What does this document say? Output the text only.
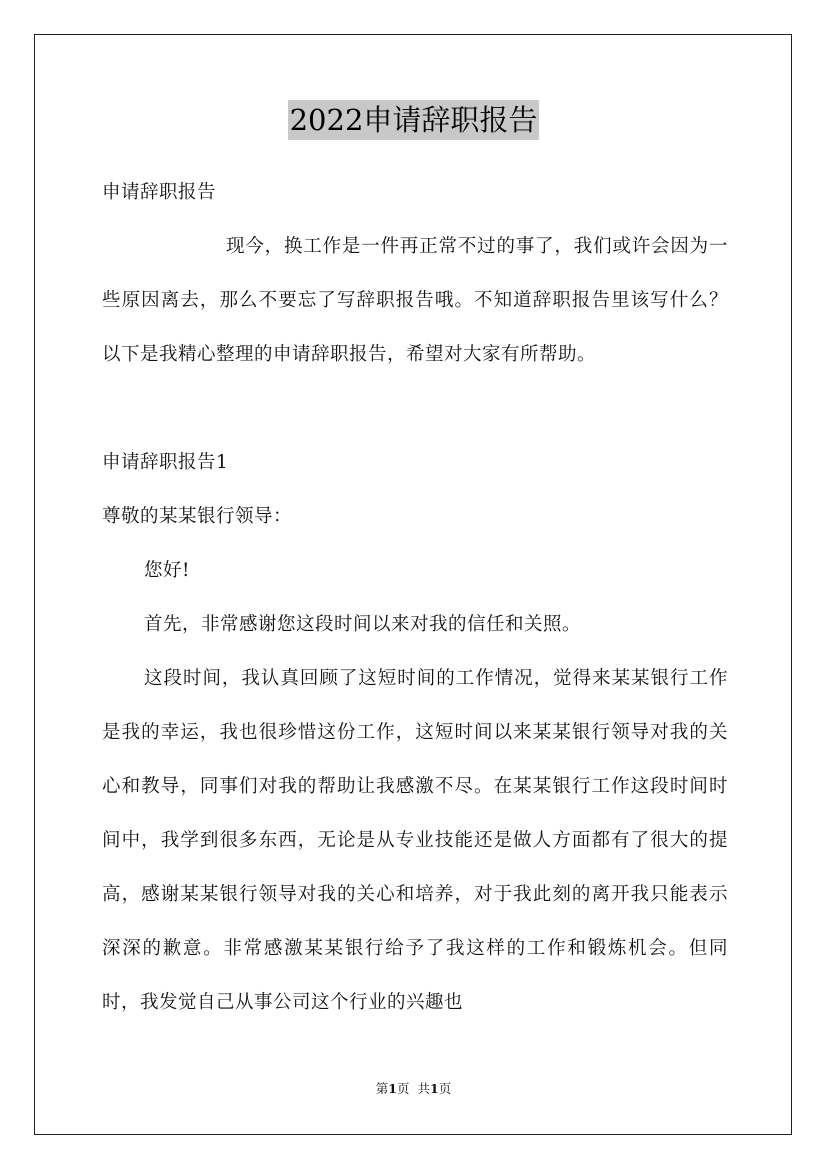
2022申请辞职报告

申请辞职报告

现今，换工作是一件再正常不过的事了，我们或许会因为一些原因离去，那么不要忘了写辞职报告哦。不知道辞职报告里该写什么？以下是我精心整理的申请辞职报告，希望对大家有所帮助。

申请辞职报告1

尊敬的某某银行领导：

您好!

首先，非常感谢您这段时间以来对我的信任和关照。

这段时间，我认真回顾了这短时间的工作情况，觉得来某某银行工作是我的幸运，我也很珍惜这份工作，这短时间以来某某银行领导对我的关心和教导，同事们对我的帮助让我感激不尽。在某某银行工作这段时间时间中，我学到很多东西，无论是从专业技能还是做人方面都有了很大的提高，感谢某某银行领导对我的关心和培养，对于我此刻的离开我只能表示深深的歉意。非常感激某某银行给予了我这样的工作和锻炼机会。但同时，我发觉自己从事公司这个行业的兴趣也

第1页 共1页
